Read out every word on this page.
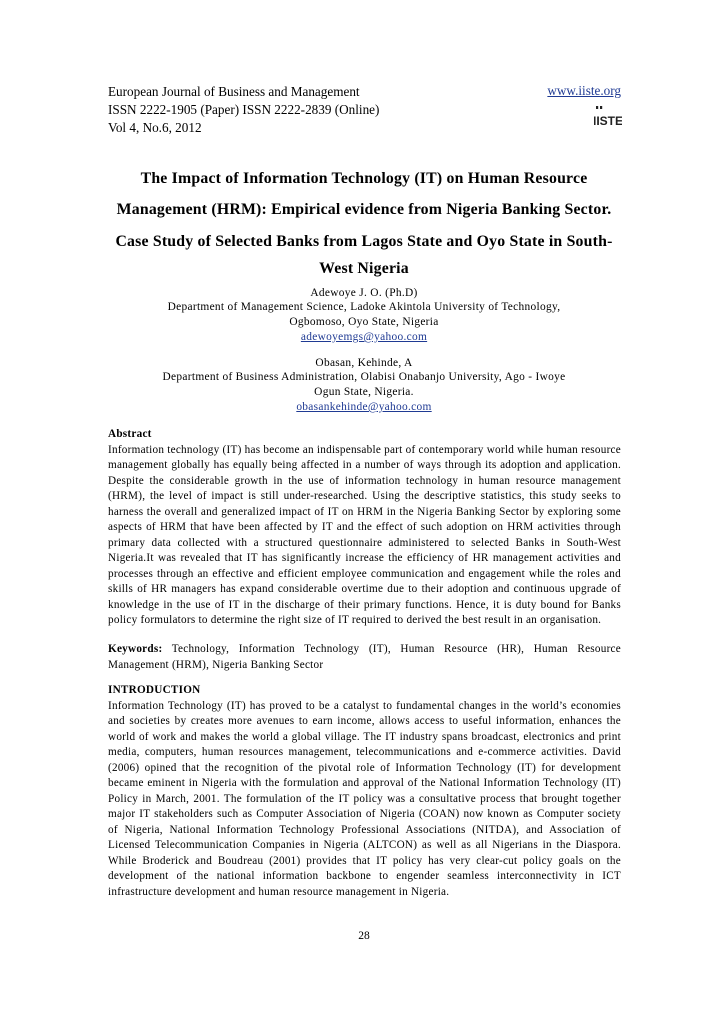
European Journal of Business and Management
ISSN 2222-1905 (Paper) ISSN 2222-2839 (Online)
Vol 4, No.6, 2012
www.iiste.org
IISTE
The Impact of Information Technology (IT) on Human Resource
Management (HRM): Empirical evidence from Nigeria Banking Sector.
Case Study of Selected Banks from Lagos State and Oyo State in South-
West Nigeria
Adewoye J. O. (Ph.D)
Department of Management Science, Ladoke Akintola University of Technology,
Ogbomoso, Oyo State, Nigeria
adewoyemgs@yahoo.com
Obasan, Kehinde, A
Department of Business Administration, Olabisi Onabanjo University, Ago - Iwoye
Ogun State, Nigeria.
obasankehinde@yahoo.com
Abstract
Information technology (IT) has become an indispensable part of contemporary world while human resource management globally has equally being affected in a number of ways through its adoption and application. Despite the considerable growth in the use of information technology in human resource management (HRM), the level of impact is still under-researched. Using the descriptive statistics, this study seeks to harness the overall and generalized impact of IT on HRM in the Nigeria Banking Sector by exploring some aspects of HRM that have been affected by IT and the effect of such adoption on HRM activities through primary data collected with a structured questionnaire administered to selected Banks in South-West Nigeria.It was revealed that IT has significantly increase the efficiency of HR management activities and processes through an effective and efficient employee communication and engagement while the roles and skills of HR managers has expand considerable overtime due to their adoption and continuous upgrade of knowledge in the use of IT in the discharge of their primary functions. Hence, it is duty bound for Banks policy formulators to determine the right size of IT required to derived the best result in an organisation.
Keywords: Technology, Information Technology (IT), Human Resource (HR), Human Resource Management (HRM), Nigeria Banking Sector
INTRODUCTION
Information Technology (IT) has proved to be a catalyst to fundamental changes in the world’s economies and societies by creates more avenues to earn income, allows access to useful information, enhances the world of work and makes the world a global village. The IT industry spans broadcast, electronics and print media, computers, human resources management, telecommunications and e-commerce activities. David (2006) opined that the recognition of the pivotal role of Information Technology (IT) for development became eminent in Nigeria with the formulation and approval of the National Information Technology (IT) Policy in March, 2001. The formulation of the IT policy was a consultative process that brought together major IT stakeholders such as Computer Association of Nigeria (COAN) now known as Computer society of Nigeria, National Information Technology Professional Associations (NITDA), and Association of Licensed Telecommunication Companies in Nigeria (ALTCON) as well as all Nigerians in the Diaspora. While Broderick and Boudreau (2001) provides that IT policy has very clear-cut policy goals on the development of the national information backbone to engender seamless interconnectivity in ICT infrastructure development and human resource management in Nigeria.
28
